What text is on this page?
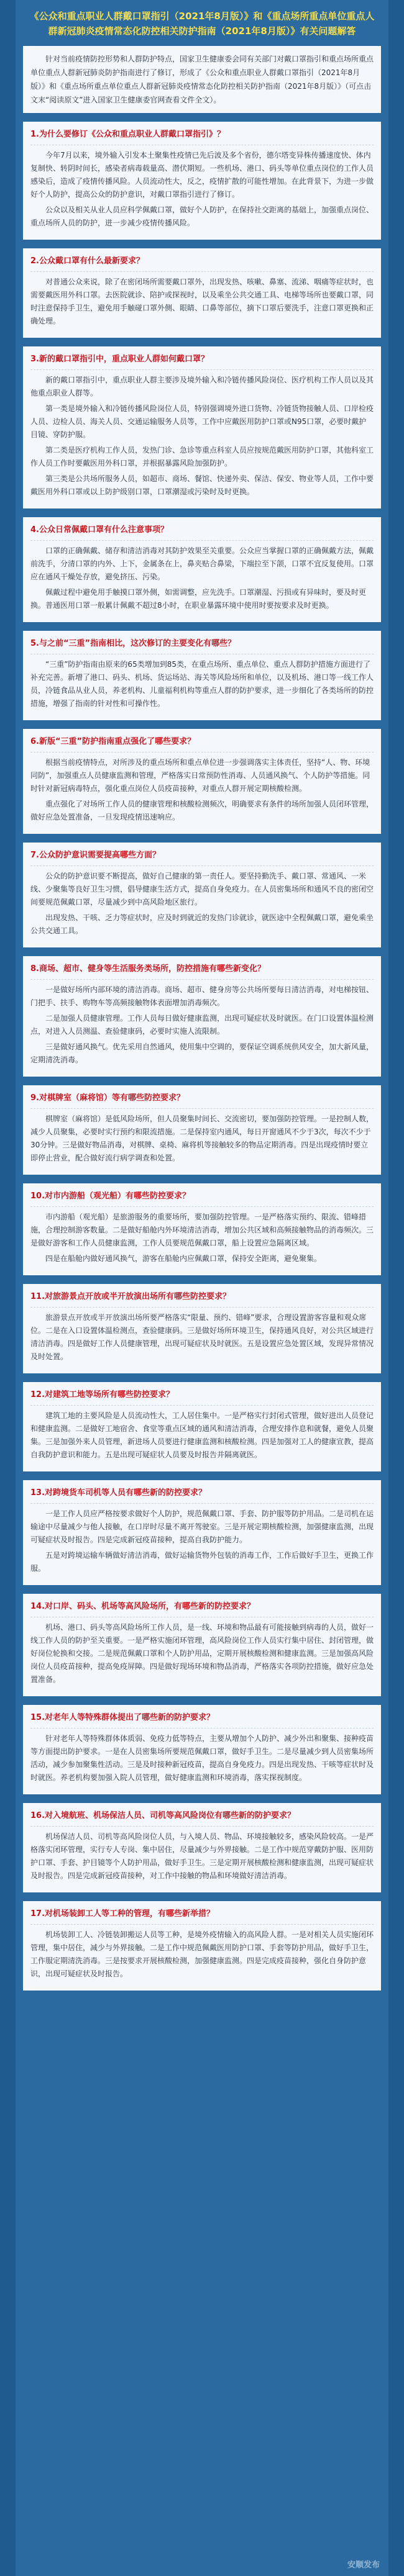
《公众和重点职业人群戴口罩指引（2021年8月版）》和《重点场所重点单位重点人群新冠肺炎疫情常态化防控相关防护指南（2021年8月版）》有关问题解答
针对当前疫情防控形势和人群防护特点，国家卫生健康委会同有关部门对戴口罩指引和重点场所重点单位重点人群新冠肺炎防护指南进行了修订，形成了《公众和重点职业人群戴口罩指引（2021年8月版）》和《重点场所重点单位重点人群新冠肺炎疫情常态化防控相关防护指南（2021年8月版）》（可点击文末“阅读原文”进入国家卫生健康委官网查看文件全文）。
1.为什么要修订《公众和重点职业人群戴口罩指引》？
今年7月以来，境外输入引发本土聚集性疫情已先后波及多个省份，德尔塔变异株传播速度快、体内复制快、转阴时间长，感染者病毒载量高、潜伏期短。一些机场、港口、码头等单位重点岗位的工作人员感染后，造成了疫情传播风险。人员流动性大，反之，疫情扩散的可能性增加。在此背景下，为进一步做好个人防护，提高公众的防护意识，对戴口罩指引进行了修订。
公众以及相关从业人员应科学佩戴口罩，做好个人防护，在保持社交距离的基础上，加强重点岗位、重点场所人员的防护，进一步减少疫情传播风险。
2.公众戴口罩有什么最新要求？
对普通公众来说，除了在密闭场所需要戴口罩外，出现发热、咳嗽、鼻塞、流涕、咽痛等症状时，也需要戴医用外科口罩。去医院就诊、陪护或探视时，以及乘坐公共交通工具、电梯等场所也要戴口罩，同时注意保持手卫生，避免用手触碰口罩外侧、眼睛、口鼻等部位，摘下口罩后要洗手，注意口罩更换和正确处理。
3.新的戴口罩指引中，重点职业人群如何戴口罩？
新的戴口罩指引中，重点职业人群主要涉及境外输入和冷链传播风险岗位、医疗机构工作人员以及其他重点职业人群等。
第一类是境外输入和冷链传播风险岗位人员，特别强调境外进口货物、冷链货物接触人员、口岸检疫人员、边检人员、海关人员、交通运输服务人员等，工作中应戴医用防护口罩或N95口罩，必要时戴护目镜、穿防护服。
第二类是医疗机构工作人员，发热门诊、急诊等重点科室人员应按规范戴医用防护口罩，其他科室工作人员工作时要戴医用外科口罩，并根据暴露风险加强防护。
第三类是公共场所服务人员，如超市、商场、餐馆、快递外卖、保洁、保安、物业等人员，工作中要戴医用外科口罩或以上防护级别口罩，口罩潮湿或污染时及时更换。
4.公众日常佩戴口罩有什么注意事项？
口罩的正确佩戴、储存和清洁消毒对其防护效果至关重要。公众应当掌握口罩的正确佩戴方法，佩戴前洗手，分清口罩的内外、上下，金属条在上，鼻夹贴合鼻梁，下端拉至下颌，口罩不宜反复使用。口罩应在通风干燥处存放，避免挤压、污染。
佩戴过程中避免用手触摸口罩外侧，如需调整，应先洗手。口罩潮湿、污损或有异味时，要及时更换。普通医用口罩一般累计佩戴不超过8小时，在职业暴露环境中使用时要按要求及时更换。
5.与之前“三重”指南相比，这次修订的主要变化有哪些？
“三重”防护指南由原来的65类增加到85类，在重点场所、重点单位、重点人群防护措施方面进行了补充完善。新增了港口、码头、机场、货运场站、海关等风险场所和单位，以及机场、港口等一线工作人员，冷链食品从业人员，养老机构、儿童福利机构等重点人群的防护要求，进一步细化了各类场所的防控措施，增强了指南的针对性和可操作性。
6.新版“三重”防护指南重点强化了哪些要求？
根据当前疫情特点，对所涉及的重点场所和重点单位进一步强调落实主体责任，坚持“人、物、环境同防”，加强重点人员健康监测和管理，严格落实日常预防性消毒、人员通风换气、个人防护等措施。同时针对新冠病毒特点，强化重点岗位人员疫苗接种，对重点人群开展定期核酸检测。
重点强化了对场所工作人员的健康管理和核酸检测频次，明确要求有条件的场所加强人员闭环管理，做好应急处置准备，一旦发现疫情迅速响应。
7.公众防护意识需要提高哪些方面？
公众的防护意识要不断提高，做好自己健康的第一责任人。要坚持勤洗手、戴口罩、常通风、一米线、少聚集等良好卫生习惯，倡导健康生活方式，提高自身免疫力。在人员密集场所和通风不良的密闭空间要规范佩戴口罩，尽量减少到中高风险地区旅行。
出现发热、干咳、乏力等症状时，应及时到就近的发热门诊就诊，就医途中全程佩戴口罩，避免乘坐公共交通工具。
8.商场、超市、健身等生活服务类场所，防控措施有哪些新变化？
一是做好场所内部环境的清洁消毒。商场、超市、健身房等公共场所要每日清洁消毒，对电梯按钮、门把手、扶手、购物车等高频接触物体表面增加消毒频次。
二是加强人员健康管理。工作人员每日做好健康监测，出现可疑症状及时就医。在门口设置体温检测点，对进入人员测温、查验健康码，必要时实施人流限制。
三是做好通风换气。优先采用自然通风，使用集中空调的，要保证空调系统供风安全，加大新风量，定期清洗消毒。
9.对棋牌室（麻将馆）等有哪些防控要求？
棋牌室（麻将馆）是低风险场所，但人员聚集时间长、交流密切，要加强防控管理。一是控制人数，减少人员聚集，必要时实行预约和限流措施。二是保持室内通风，每日开窗通风不少于3次，每次不少于30分钟。三是做好物品消毒，对棋牌、桌椅、麻将机等接触较多的物品定期消毒。四是出现疫情时要立即停止营业，配合做好流行病学调查和处置。
10.对市内游船（观光船）有哪些防控要求？
市内游船（观光船）是旅游服务的重要场所，要加强防控管理。一是严格落实预约、限流、错峰措施，合理控制游客数量。二是做好船舱内外环境清洁消毒，增加公共区域和高频接触物品的消毒频次。三是做好游客和工作人员健康监测，工作人员要规范佩戴口罩，船上设置应急隔离区域。
四是在船舱内做好通风换气，游客在船舱内应佩戴口罩，保持安全距离，避免聚集。
11.对旅游景点开放或半开放演出场所有哪些防控要求？
旅游景点开放或半开放演出场所要严格落实“限量、预约、错峰”要求，合理设置游客容量和观众席位。二是在入口设置体温检测点，查验健康码。三是做好场所环境卫生，保持通风良好，对公共区域进行清洁消毒。四是做好工作人员健康管理，出现可疑症状及时就医。五是设置应急处置区域，发现异常情况及时处置。
12.对建筑工地等场所有哪些防控要求？
建筑工地的主要风险是人员流动性大，工人居住集中。一是严格实行封闭式管理，做好进出人员登记和健康监测。二是做好工地宿舍、食堂等重点区域的通风和清洁消毒，合理安排作息和就餐，避免人员聚集。三是加强外来人员管理，新进场人员要进行健康监测和核酸检测。四是加强对工人的健康宣教，提高自我防护意识和能力。五是出现可疑症状人员要及时报告并隔离就医。
13.对跨境货车司机等人员有哪些新的防控要求？
一是工作人员应严格按要求做好个人防护，规范佩戴口罩、手套、防护服等防护用品。二是司机在运输途中尽量减少与他人接触，在口岸时尽量不离开驾驶室。三是开展定期核酸检测，加强健康监测，出现可疑症状及时报告。四是完成新冠疫苗接种，提高自我防护能力。
五是对跨境运输车辆做好清洁消毒，做好运输货物外包装的消毒工作，工作后做好手卫生，更换工作服。
14.对口岸、码头、机场等高风险场所，有哪些新的防控要求？
机场、港口、码头等高风险场所工作人员，是一线、环境和物品最有可能接触到病毒的人员，做好一线工作人员的防护至关重要。一是严格实施闭环管理，高风险岗位工作人员实行集中居住、封闭管理，做好岗位轮换和交接。二是规范佩戴口罩和个人防护用品，定期开展核酸检测和健康监测。三是加强高风险岗位人员疫苗接种，提高免疫屏障。四是做好现场环境和物品消毒，严格落实各项防控措施，做好应急处置准备。
15.对老年人等特殊群体提出了哪些新的防护要求？
针对老年人等特殊群体体质弱、免疫力低等特点，主要从增加个人防护、减少外出和聚集、接种疫苗等方面提出防护要求。一是在人员密集场所要规范佩戴口罩，做好手卫生。二是尽量减少到人员密集场所活动，减少参加聚集性活动。三是及时接种新冠疫苗，提高自身免疫力。四是出现发热、干咳等症状时及时就医。养老机构要加强入院人员管理，做好健康监测和环境消毒，落实探视制度。
16.对入境航班、机场保洁人员、司机等高风险岗位有哪些新的防护要求？
机场保洁人员、司机等高风险岗位人员，与入境人员、物品、环境接触较多，感染风险较高。一是严格落实闭环管理，实行专人专岗、集中居住，尽量减少与外界接触。二是工作中规范穿戴防护服、医用防护口罩、手套、护目镜等个人防护用品，做好手卫生。三是定期开展核酸检测和健康监测，出现可疑症状及时报告。四是完成新冠疫苗接种，对工作中接触的物品和环境做好清洁消毒。
17.对机场装卸工人等工种的管理，有哪些新举措？
机场装卸工人、冷链装卸搬运人员等工种，是境外疫情输入的高风险人群。一是对相关人员实施闭环管理，集中居住，减少与外界接触。二是工作中规范佩戴医用防护口罩、手套等防护用品，做好手卫生，工作服定期清洗消毒。三是按要求开展核酸检测，加强健康监测。四是完成疫苗接种，强化自身防护意识，出现可疑症状及时报告。
安顺发布
